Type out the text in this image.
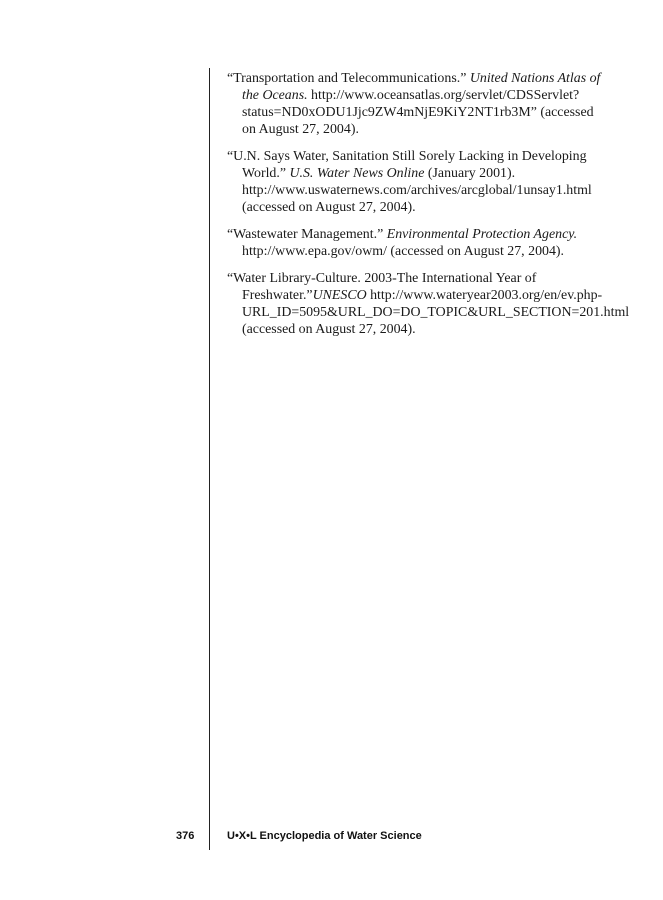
“Transportation and Telecommunications.” United Nations Atlas of the Oceans. http://www.oceansatlas.org/servlet/CDSServlet?status=ND0xODU1Jjc9ZW4mNjE9KiY2NT1rb3M” (accessed on August 27, 2004).
“U.N. Says Water, Sanitation Still Sorely Lacking in Developing World.” U.S. Water News Online (January 2001). http://www.uswaternews.com/archives/arcglobal/1unsay1.html (accessed on August 27, 2004).
“Wastewater Management.” Environmental Protection Agency. http://www.epa.gov/owm/ (accessed on August 27, 2004).
“Water Library-Culture. 2003-The International Year of Freshwater.”UNESCO http://www.wateryear2003.org/en/ev.php-URL_ID=5095&URL_DO=DO_TOPIC&URL_SECTION=201.html (accessed on August 27, 2004).
376	U•X•L Encyclopedia of Water Science
